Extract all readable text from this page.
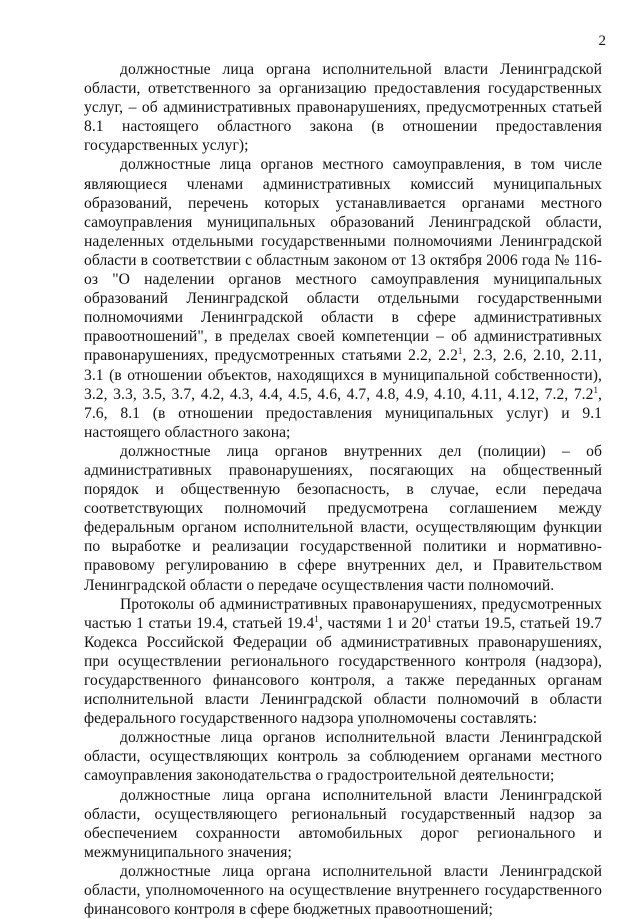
2

должностные лица органа исполнительной власти Ленинградской области, ответственного за организацию предоставления государственных услуг, – об административных правонарушениях, предусмотренных статьей 8.1 настоящего областного закона (в отношении предоставления государственных услуг);

должностные лица органов местного самоуправления, в том числе являющиеся членами административных комиссий муниципальных образований, перечень которых устанавливается органами местного самоуправления муниципальных образований Ленинградской области, наделенных отдельными государственными полномочиями Ленинградской области в соответствии с областным законом от 13 октября 2006 года № 116-оз "О наделении органов местного самоуправления муниципальных образований Ленинградской области отдельными государственными полномочиями Ленинградской области в сфере административных правоотношений", в пределах своей компетенции – об административных правонарушениях, предусмотренных статьями 2.2, $2.2^1$, 2.3, 2.6, 2.10, 2.11, 3.1 (в отношении объектов, находящихся в муниципальной собственности), 3.2, 3.3, 3.5, 3.7, 4.2, 4.3, 4.4, 4.5, 4.6, 4.7, 4.8, 4.9, 4.10, 4.11, 4.12, 7.2, $7.2^1$, 7.6, 8.1 (в отношении предоставления муниципальных услуг) и 9.1 настоящего областного закона;

должностные лица органов внутренних дел (полиции) – об административных правонарушениях, посягающих на общественный порядок и общественную безопасность, в случае, если передача соответствующих полномочий предусмотрена соглашением между федеральным органом исполнительной власти, осуществляющим функции по выработке и реализации государственной политики и нормативно-правовому регулированию в сфере внутренних дел, и Правительством Ленинградской области о передаче осуществления части полномочий.

Протоколы об административных правонарушениях, предусмотренных частью 1 статьи 19.4, статьей 19.4$^1$, частями 1 и $20^1$ статьи 19.5, статьей 19.7 Кодекса Российской Федерации об административных правонарушениях, при осуществлении регионального государственного контроля (надзора), государственного финансового контроля, а также переданных органам исполнительной власти Ленинградской области полномочий в области федерального государственного надзора уполномочены составлять:

должностные лица органов исполнительной власти Ленинградской области, осуществляющих контроль за соблюдением органами местного самоуправления законодательства о градостроительной деятельности;

должностные лица органа исполнительной власти Ленинградской области, осуществляющего региональный государственный надзор за обеспечением сохранности автомобильных дорог регионального и межмуниципального значения;

должностные лица органа исполнительной власти Ленинградской области, уполномоченного на осуществление внутреннего государственного финансового контроля в сфере бюджетных правоотношений;
